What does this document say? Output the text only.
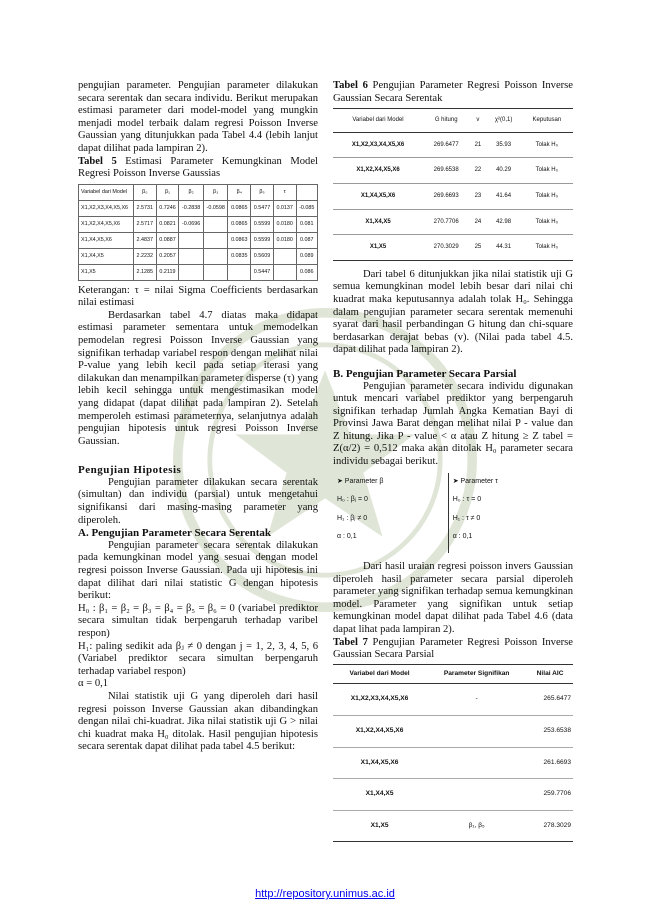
pengujian parameter. Pengujian parameter dilakukan secara serentak dan secara individu. Berikut merupakan estimasi parameter dari model-model yang mungkin menjadi model terbaik dalam regresi Poisson Inverse Gaussian yang ditunjukkan pada Tabel 4.4 (lebih lanjut dapat dilihat pada lampiran 2).

Tabel 5 Estimasi Parameter Kemungkinan Model Regresi Poisson Inverse Gaussias

Variabel dari Model	β₀	β₁	β₂	β₃	β₄	β₅	τ	
X1,X2,X3,X4,X5,X6	2.5731	0.7246	-0.2838	-0.0598	0.0865	0.5477	0.0137	-0.085
X1,X2,X4,X5,X6	2.5717	0.0821	-0.0696		0.0865	0.5599	0.0180	0.081
X1,X4,X5,X6	2.4837	0.0887			0.0863	0.5599	0.0180	0.087
X1,X4,X5	2.2232	0.2057			0.0835	0.5609		0.089
X1,X5	2.1285	0.2119				0.5447		0.086

Keterangan: τ = nilai Sigma Coefficients berdasarkan nilai estimasi

Berdasarkan tabel 4.7 diatas maka didapat estimasi parameter sementara untuk memodelkan pemodelan regresi Poisson Inverse Gaussian yang signifikan terhadap variabel respon dengan melihat nilai P-value yang lebih kecil pada setiap iterasi yang dilakukan dan menampilkan parameter disperse (τ) yang lebih kecil sehingga untuk mengestimasikan model yang didapat (dapat dilihat pada lampiran 2). Setelah memperoleh estimasi parameternya, selanjutnya adalah pengujian hipotesis untuk regresi Poisson Inverse Gaussian.

Pengujian Hipotesis

Pengujian parameter dilakukan secara serentak (simultan) dan individu (parsial) untuk mengetahui signifikansi dari masing-masing parameter yang diperoleh.

A. Pengujian Parameter Secara Serentak

Pengujian parameter secara serentak dilakukan pada kemungkinan model yang sesuai dengan model regresi poisson Inverse Gaussian. Pada uji hipotesis ini dapat dilihat dari nilai statistic G dengan hipotesis berikut:

H₀ : β₁ = β₂ = β₃ = β₄ = β₅ = β₆ = 0 (variabel prediktor secara simultan tidak berpengaruh terhadap varibel respon)

H₁: paling sedikit ada βⱼ ≠ 0 dengan j = 1, 2, 3, 4, 5, 6 (Variabel prediktor secara simultan berpengaruh terhadap variabel respon)

α = 0,1

Nilai statistik uji G yang diperoleh dari hasil regresi poisson Inverse Gaussian akan dibandingkan dengan nilai chi-kuadrat. Jika nilai statistik uji G > nilai chi kuadrat maka H₀ ditolak. Hasil pengujian hipotesis secara serentak dapat dilihat pada tabel 4.5 berikut:

Tabel 6 Pengujian Parameter Regresi Poisson Inverse Gaussian Secara Serentak

Variabel dari Model	G hitung	v	χ²(0,1)	Keputusan
X1,X2,X3,X4,X5,X6	269.6477	21	35.93	Tolak H₀
X1,X2,X4,X5,X6	269.6538	22	40.29	Tolak H₀
X1,X4,X5,X6	269.6693	23	41.64	Tolak H₀
X1,X4,X5	270.7706	24	42.98	Tolak H₀
X1,X5	270.3029	25	44.31	Tolak H₀

Dari tabel 6 ditunjukkan jika nilai statistik uji G semua kemungkinan model lebih besar dari nilai chi kuadrat maka keputusannya adalah tolak H₀. Sehingga dalam pengujian parameter secara serentak memenuhi syarat dari hasil perbandingan G hitung dan chi-square berdasarkan derajat bebas (v). (Nilai pada tabel 4.5. dapat dilihat pada lampiran 2).

B. Pengujian Parameter Secara Parsial

Pengujian parameter secara individu digunakan untuk mencari variabel prediktor yang berpengaruh signifikan terhadap Jumlah Angka Kematian Bayi di Provinsi Jawa Barat dengan melihat nilai P - value dan Z hitung. Jika P - value < α atau Z hitung ≥ Z tabel = Z(α/2) = 0,512 maka akan ditolak H₀ parameter secara individu sebagai berikut.

➤ Parameter β
H₀ : βⱼ = 0
H₁ : βⱼ ≠ 0
α : 0,1

➤ Parameter τ
H₀ : τ = 0
H₁ : τ ≠ 0
α : 0,1

Dari hasil uraian regresi poisson invers Gaussian diperoleh hasil parameter secara parsial diperoleh parameter yang signifikan terhadap semua kemungkinan model. Parameter yang signifikan untuk setiap kemungkinan model dapat dilihat pada Tabel 4.6 (data dapat lihat pada lampiran 2).

Tabel 7 Pengujian Parameter Regresi Poisson Inverse Gaussian Secara Parsial

Variabel dari Model	Parameter Signifikan	Nilai AIC
X1,X2,X3,X4,X5,X6	-	265.6477
X1,X2,X4,X5,X6		253.6538
X1,X4,X5,X6		261.6693
X1,X4,X5		259.7706
X1,X5	β₁, β₅	278.3029
http://repository.unimus.ac.id
